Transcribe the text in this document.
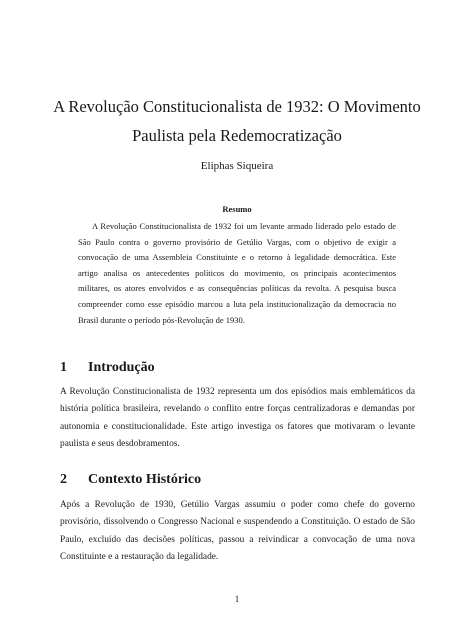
A Revolução Constitucionalista de 1932: O Movimento Paulista pela Redemocratização
Eliphas Siqueira
Resumo

A Revolução Constitucionalista de 1932 foi um levante armado liderado pelo estado de São Paulo contra o governo provisório de Getúlio Vargas, com o objetivo de exigir a convocação de uma Assembleia Constituinte e o retorno à legalidade democrática. Este artigo analisa os antecedentes políticos do movimento, os principais acontecimentos militares, os atores envolvidos e as consequências políticas da revolta. A pesquisa busca compreender como esse episódio marcou a luta pela institucionalização da democracia no Brasil durante o período pós-Revolução de 1930.

1 Introdução

A Revolução Constitucionalista de 1932 representa um dos episódios mais emblemáticos da história política brasileira, revelando o conflito entre forças centralizadoras e demandas por autonomia e constitucionalidade. Este artigo investiga os fatores que motivaram o levante paulista e seus desdobramentos.

2 Contexto Histórico

Após a Revolução de 1930, Getúlio Vargas assumiu o poder como chefe do governo provisório, dissolvendo o Congresso Nacional e suspendendo a Constituição. O estado de São Paulo, excluído das decisões políticas, passou a reivindicar a convocação de uma nova Constituinte e a restauração da legalidade.

1
